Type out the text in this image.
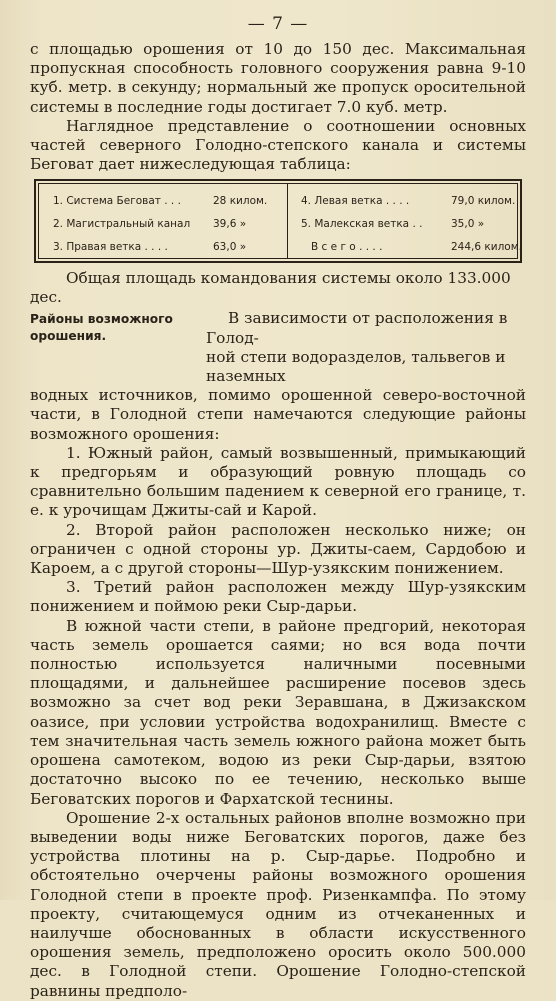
— 7 —

с площадью орошения от 10 до 150 дес. Максимальная пропускная способность головного сооружения равна 9-10 куб. метр. в секунду; нормальный же пропуск оросительной системы в последние годы достигает 7.0 куб. метр.

Наглядное представление о соотношении основных частей северного Голодно-степского канала и системы Беговат дает нижеследующая таблица:

1. Система Беговат . . .	28 килом.	4. Левая ветка . . . .	79,0 килом.
2. Магистральный канал 39,6 »	5. Малекская ветка . .	35,0 »
3. Правая ветка . . . .	63,0 »	В с е г о . . . .	244,6 килом.
Общая площадь командования системы около 133.000 дес.
Районы возможного орошения.

В зависимости от расположения в Голод-

ной степи водоразделов, тальвегов и наземных

водных источников, помимо орошенной северо-восточной части, в Голодной степи намечаются следующие районы возможного орошения:

1. Южный район, самый возвышенный, примыкающий к предгорьям и образующий ровную площадь со сравнительно большим падением к северной его границе, т. е. к урочищам Джиты-сай и Карой.

2. Второй район расположен несколько ниже; он ограничен с одной стороны ур. Джиты-саем, Сардобою и Кароем, а с другой стороны—Шур-узякским понижением.

3. Третий район расположен между Шур-узякским понижением и поймою реки Сыр-дарьи.

В южной части степи, в районе предгорий, некоторая часть земель орошается саями; но вся вода почти полностью используется наличными посевными площадями, и дальнейшее расширение посевов здесь возможно за счет вод реки Зеравшана, в Джизакском оазисе, при условии устройства водохранилищ. Вместе с тем значительная часть земель южного района может быть орошена самотеком, водою из реки Сыр-дарьи, взятою достаточно высоко по ее течению, несколько выше Беговатских порогов и Фархатской теснины.

Орошение 2-х остальных районов вполне возможно при выведении воды ниже Беговатских порогов, даже без устройства плотины на р. Сыр-дарье. Подробно и обстоятельно очерчены районы возможного орошения Голодной степи в проекте проф. Ризенкампфа. По этому проекту, считающемуся одним из отчеканенных и наилучше обоснованных в области искусственного орошения земель, предположено оросить около 500.000 дес. в Голодной степи. Орошение Голодно-степской равнины предполо-
